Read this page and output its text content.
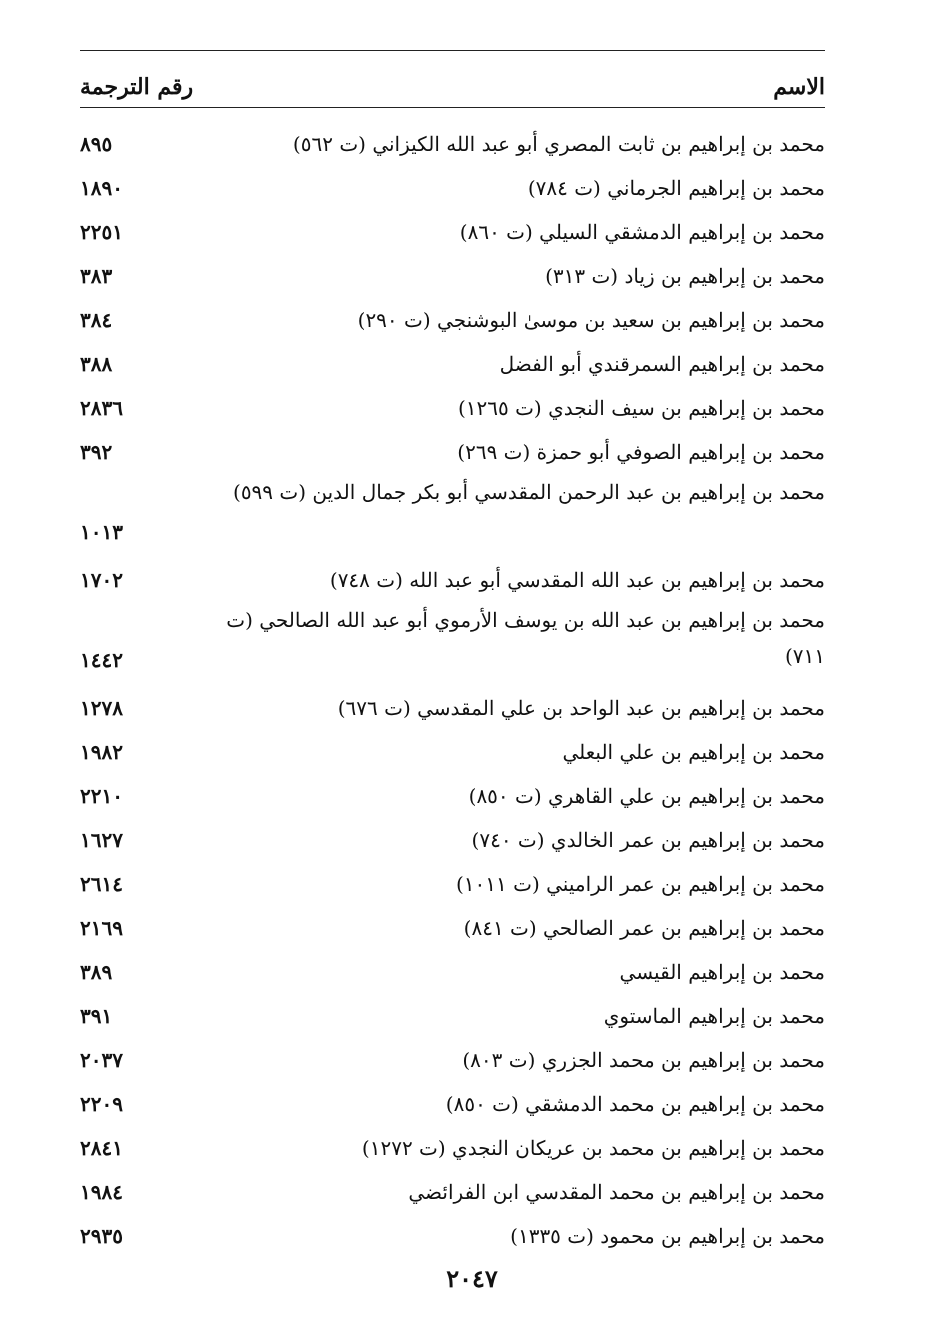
الاسم
رقم الترجمة
محمد بن إبراهيم بن ثابت المصري أبو عبد الله الكيزاني (ت ٥٦٢)
٨٩٥
محمد بن إبراهيم الجرماني (ت ٧٨٤)
١٨٩٠
محمد بن إبراهيم الدمشقي السيلي (ت ٨٦٠)
٢٢٥١
محمد بن إبراهيم بن زياد (ت ٣١٣)
٣٨٣
محمد بن إبراهيم بن سعيد بن موسىٰ البوشنجي (ت ٢٩٠)
٣٨٤
محمد بن إبراهيم السمرقندي أبو الفضل
٣٨٨
محمد بن إبراهيم بن سيف النجدي (ت ١٢٦٥)
٢٨٣٦
محمد بن إبراهيم الصوفي أبو حمزة (ت ٢٦٩)
٣٩٢
محمد بن إبراهيم بن عبد الرحمن المقدسي أبو بكر جمال الدين (ت ٥٩٩)
١٠١٣
محمد بن إبراهيم بن عبد الله المقدسي أبو عبد الله (ت ٧٤٨)
١٧٠٢
محمد بن إبراهيم بن عبد الله بن يوسف الأرموي أبو عبد الله الصالحي (ت ٧١١)
١٤٤٢
محمد بن إبراهيم بن عبد الواحد بن علي المقدسي (ت ٦٧٦)
١٢٧٨
محمد بن إبراهيم بن علي البعلي
١٩٨٢
محمد بن إبراهيم بن علي القاهري (ت ٨٥٠)
٢٢١٠
محمد بن إبراهيم بن عمر الخالدي (ت ٧٤٠)
١٦٢٧
محمد بن إبراهيم بن عمر الراميني (ت ١٠١١)
٢٦١٤
محمد بن إبراهيم بن عمر الصالحي (ت ٨٤١)
٢١٦٩
محمد بن إبراهيم القيسي
٣٨٩
محمد بن إبراهيم الماستوي
٣٩١
محمد بن إبراهيم بن محمد الجزري (ت ٨٠٣)
٢٠٣٧
محمد بن إبراهيم بن محمد الدمشقي (ت ٨٥٠)
٢٢٠٩
محمد بن إبراهيم بن محمد بن عريكان النجدي (ت ١٢٧٢)
٢٨٤١
محمد بن إبراهيم بن محمد المقدسي ابن الفرائضي
١٩٨٤
محمد بن إبراهيم بن محمود (ت ١٣٣٥)
٢٩٣٥
٢٠٤٧
